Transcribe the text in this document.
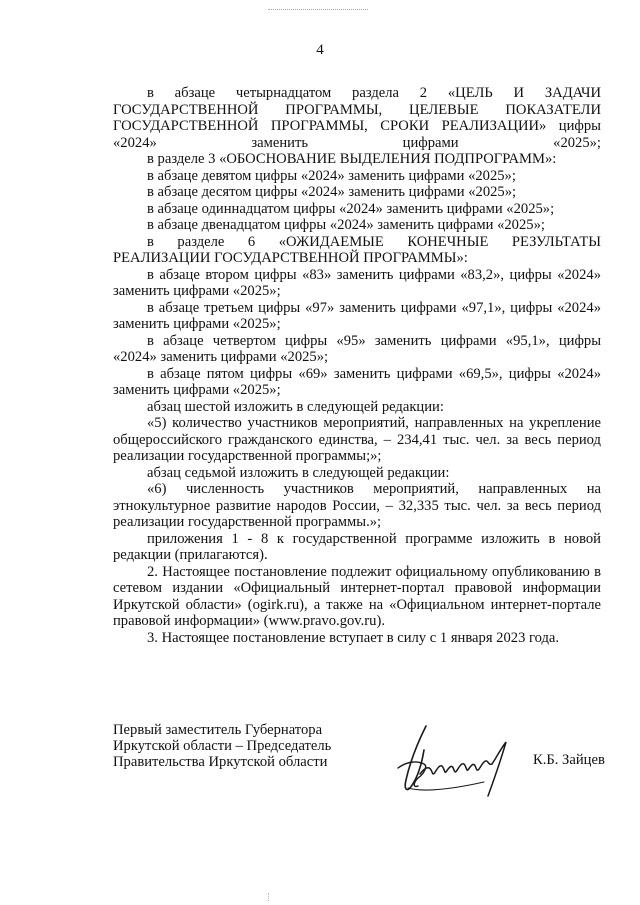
4

в абзаце четырнадцатом раздела 2 «ЦЕЛЬ И ЗАДАЧИ ГОСУДАРСТВЕННОЙ ПРОГРАММЫ, ЦЕЛЕВЫЕ ПОКАЗАТЕЛИ ГОСУДАРСТВЕННОЙ ПРОГРАММЫ, СРОКИ РЕАЛИЗАЦИИ» цифры «2024» заменить цифрами «2025»;

в разделе 3 «ОБОСНОВАНИЕ ВЫДЕЛЕНИЯ ПОДПРОГРАММ»:

в абзаце девятом цифры «2024» заменить цифрами «2025»;

в абзаце десятом цифры «2024» заменить цифрами «2025»;

в абзаце одиннадцатом цифры «2024» заменить цифрами «2025»;

в абзаце двенадцатом цифры «2024» заменить цифрами «2025»;

в разделе 6 «ОЖИДАЕМЫЕ КОНЕЧНЫЕ РЕЗУЛЬТАТЫ РЕАЛИЗАЦИИ ГОСУДАРСТВЕННОЙ ПРОГРАММЫ»:

в абзаце втором цифры «83» заменить цифрами «83,2», цифры «2024» заменить цифрами «2025»;

в абзаце третьем цифры «97» заменить цифрами «97,1», цифры «2024» заменить цифрами «2025»;

в абзаце четвертом цифры «95» заменить цифрами «95,1», цифры «2024» заменить цифрами «2025»;

в абзаце пятом цифры «69» заменить цифрами «69,5», цифры «2024» заменить цифрами «2025»;

абзац шестой изложить в следующей редакции:

«5) количество участников мероприятий, направленных на укрепление общероссийского гражданского единства, – 234,41 тыс. чел. за весь период реализации государственной программы;»;

абзац седьмой изложить в следующей редакции:

«6) численность участников мероприятий, направленных на этнокультурное развитие народов России, – 32,335 тыс. чел. за весь период реализации государственной программы.»;

приложения 1 - 8 к государственной программе изложить в новой редакции (прилагаются).

2. Настоящее постановление подлежит официальному опубликованию в сетевом издании «Официальный интернет-портал правовой информации Иркутской области» (ogirk.ru), а также на «Официальном интернет-портале правовой информации» (www.pravo.gov.ru).

3. Настоящее постановление вступает в силу с 1 января 2023 года.

Первый заместитель Губернатора
Иркутской области – Председатель
Правительства Иркутской области	К.Б. Зайцев
